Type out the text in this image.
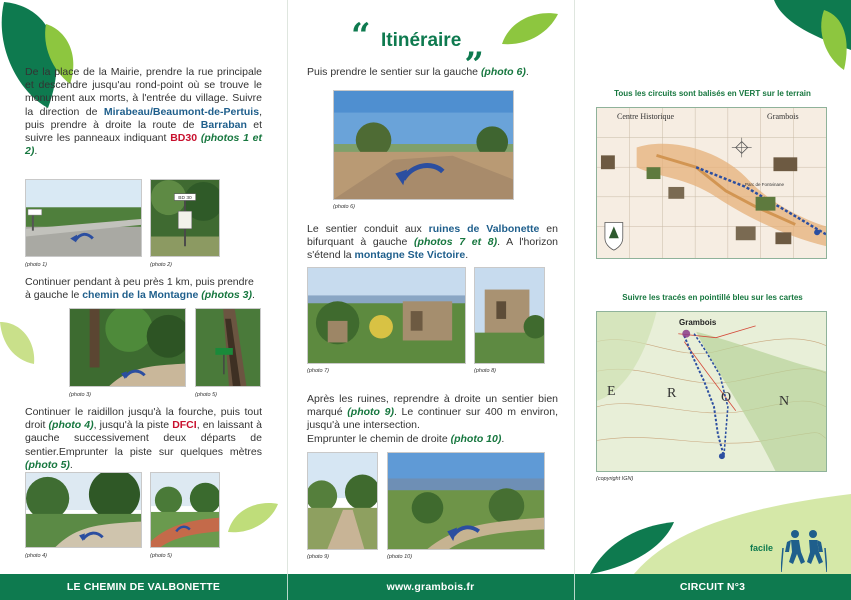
De la place de la Mairie, prendre la rue principale et descendre jusqu'au rond-point où se trouve le monument aux morts, à l'entrée du village. Suivre la direction de Mirabeau/Beaumont-de-Pertuis, puis prendre à droite la route de Barraban et suivre les panneaux indiquant BD30 (photos 1 et 2).
(photo 1)
BD 30
(photo 2)
Continuer pendant à peu près 1 km, puis prendre à gauche le chemin de la Montagne (photos 3).
(photo 3)	(photo 5)
Continuer le raidillon jusqu'à la fourche, puis tout droit (photo 4), jusqu'à la piste DFCI, en laissant à gauche successivement deux départs de sentier.Emprunter la piste sur quelques mètres (photo 5).
(photo 4)	(photo 5)
“ Itinéraire „
Puis prendre le sentier sur la gauche (photo 6).
(photo 6)
Le sentier conduit aux ruines de Valbonette en bifurquant à gauche (photos 7 et 8). A l'horizon s'étend la montagne Ste Victoire.
(photo 7)	(photo 8)
Après les ruines, reprendre à droite un sentier bien marqué (photo 9). Le continuer sur 400 m environ, jusqu'à une intersection.
Emprunter le chemin de droite (photo 10).
(photo 9)	(photo 10)
Tous les circuits sont balisés en VERT sur le terrain
Centre Historique	Grambois
Parc de Fontvinane
Suivre les tracés en pointillé bleu sur les cartes
Grambois
E	R	O	N
(copyright IGN)
facile
LE CHEMIN DE VALBONETTE	www.grambois.fr	CIRCUIT N°3
